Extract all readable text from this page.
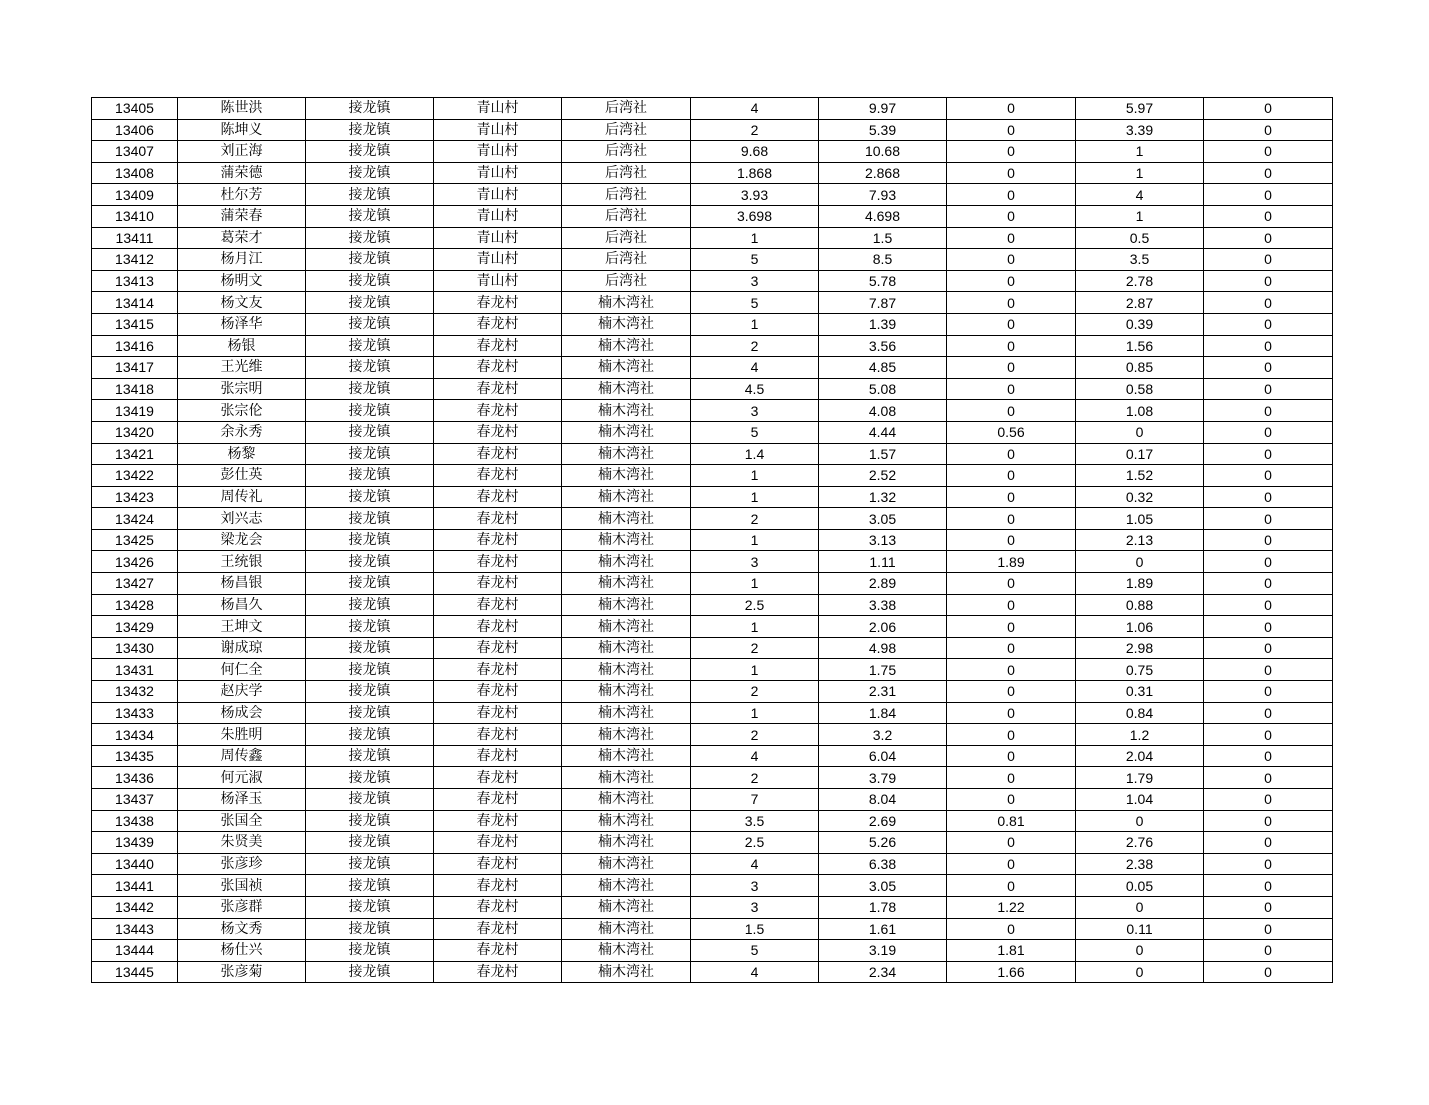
13405	陈世洪	接龙镇	青山村	后湾社	4	9.97	0	5.97	0
13406	陈坤义	接龙镇	青山村	后湾社	2	5.39	0	3.39	0
13407	刘正海	接龙镇	青山村	后湾社	9.68	10.68	0	1	0
13408	蒲荣德	接龙镇	青山村	后湾社	1.868	2.868	0	1	0
13409	杜尔芳	接龙镇	青山村	后湾社	3.93	7.93	0	4	0
13410	蒲荣春	接龙镇	青山村	后湾社	3.698	4.698	0	1	0
13411	葛荣才	接龙镇	青山村	后湾社	1	1.5	0	0.5	0
13412	杨月江	接龙镇	青山村	后湾社	5	8.5	0	3.5	0
13413	杨明文	接龙镇	青山村	后湾社	3	5.78	0	2.78	0
13414	杨文友	接龙镇	春龙村	楠木湾社	5	7.87	0	2.87	0
13415	杨泽华	接龙镇	春龙村	楠木湾社	1	1.39	0	0.39	0
13416	杨银	接龙镇	春龙村	楠木湾社	2	3.56	0	1.56	0
13417	王光维	接龙镇	春龙村	楠木湾社	4	4.85	0	0.85	0
13418	张宗明	接龙镇	春龙村	楠木湾社	4.5	5.08	0	0.58	0
13419	张宗伦	接龙镇	春龙村	楠木湾社	3	4.08	0	1.08	0
13420	余永秀	接龙镇	春龙村	楠木湾社	5	4.44	0.56	0	0
13421	杨黎	接龙镇	春龙村	楠木湾社	1.4	1.57	0	0.17	0
13422	彭仕英	接龙镇	春龙村	楠木湾社	1	2.52	0	1.52	0
13423	周传礼	接龙镇	春龙村	楠木湾社	1	1.32	0	0.32	0
13424	刘兴志	接龙镇	春龙村	楠木湾社	2	3.05	0	1.05	0
13425	梁龙会	接龙镇	春龙村	楠木湾社	1	3.13	0	2.13	0
13426	王统银	接龙镇	春龙村	楠木湾社	3	1.11	1.89	0	0
13427	杨昌银	接龙镇	春龙村	楠木湾社	1	2.89	0	1.89	0
13428	杨昌久	接龙镇	春龙村	楠木湾社	2.5	3.38	0	0.88	0
13429	王坤文	接龙镇	春龙村	楠木湾社	1	2.06	0	1.06	0
13430	谢成琼	接龙镇	春龙村	楠木湾社	2	4.98	0	2.98	0
13431	何仁全	接龙镇	春龙村	楠木湾社	1	1.75	0	0.75	0
13432	赵庆学	接龙镇	春龙村	楠木湾社	2	2.31	0	0.31	0
13433	杨成会	接龙镇	春龙村	楠木湾社	1	1.84	0	0.84	0
13434	朱胜明	接龙镇	春龙村	楠木湾社	2	3.2	0	1.2	0
13435	周传鑫	接龙镇	春龙村	楠木湾社	4	6.04	0	2.04	0
13436	何元淑	接龙镇	春龙村	楠木湾社	2	3.79	0	1.79	0
13437	杨泽玉	接龙镇	春龙村	楠木湾社	7	8.04	0	1.04	0
13438	张国全	接龙镇	春龙村	楠木湾社	3.5	2.69	0.81	0	0
13439	朱贤美	接龙镇	春龙村	楠木湾社	2.5	5.26	0	2.76	0
13440	张彦珍	接龙镇	春龙村	楠木湾社	4	6.38	0	2.38	0
13441	张国祯	接龙镇	春龙村	楠木湾社	3	3.05	0	0.05	0
13442	张彦群	接龙镇	春龙村	楠木湾社	3	1.78	1.22	0	0
13443	杨文秀	接龙镇	春龙村	楠木湾社	1.5	1.61	0	0.11	0
13444	杨仕兴	接龙镇	春龙村	楠木湾社	5	3.19	1.81	0	0
13445	张彦菊	接龙镇	春龙村	楠木湾社	4	2.34	1.66	0	0
